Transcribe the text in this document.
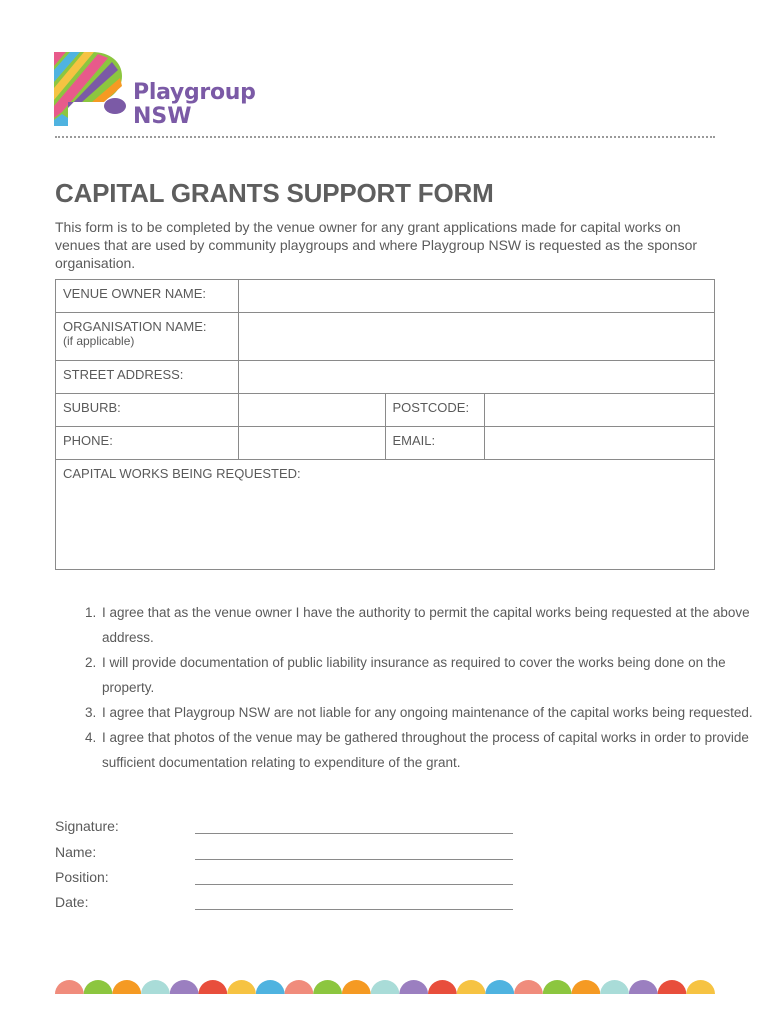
Playgroup
NSW
CAPITAL GRANTS SUPPORT FORM

This form is to be completed by the venue owner for any grant applications made for capital works on venues that are used by community playgroups and where Playgroup NSW is requested as the sponsor organisation.

VENUE OWNER NAME:			

ORGANISATION NAME:
(if applicable)			

STREET ADDRESS:			
SUBURB:		POSTCODE:	
PHONE:		EMAIL:	
CAPITAL WORKS BEING REQUESTED:			
1. I agree that as the venue owner I have the authority to permit the capital works being requested at the above address.
2. I will provide documentation of public liability insurance as required to cover the works being done on the property.
3. I agree that Playgroup NSW are not liable for any ongoing maintenance of the capital works being requested.
4. I agree that photos of the venue may be gathered throughout the process of capital works in order to provide sufficient documentation relating to expenditure of the grant.
Signature:
Name:
Position:
Date:
